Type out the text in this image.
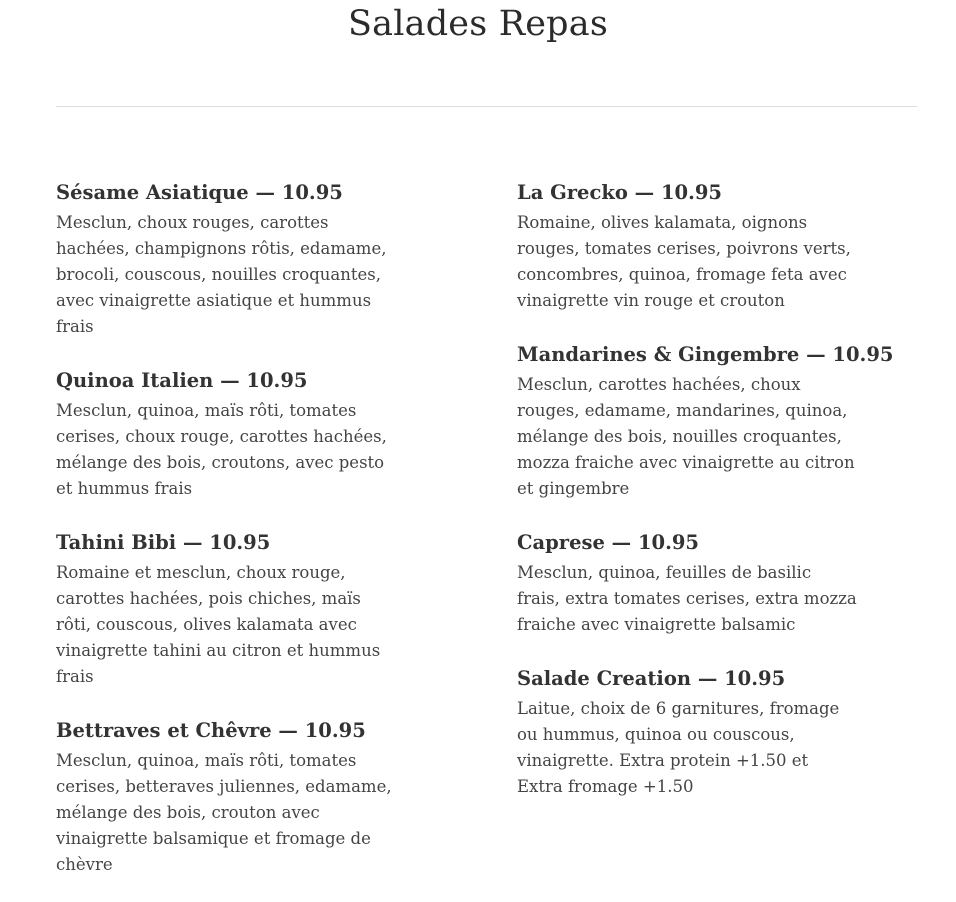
Salades Repas
Sésame Asiatique — 10.95
Mesclun, choux rouges, carottes hachées, champignons rôtis, edamame, brocoli, couscous, nouilles croquantes, avec vinaigrette asiatique et hummus frais
Quinoa Italien — 10.95
Mesclun, quinoa, maïs rôti, tomates cerises, choux rouge, carottes hachées, mélange des bois, croutons, avec pesto et hummus frais
Tahini Bibi — 10.95
Romaine et mesclun, choux rouge, carottes hachées, pois chiches, maïs rôti, couscous, olives kalamata avec vinaigrette tahini au citron et hummus frais
Bettraves et Chêvre — 10.95
Mesclun, quinoa, maïs rôti, tomates cerises, betteraves juliennes, edamame, mélange des bois, crouton avec vinaigrette balsamique et fromage de chèvre
La Grecko — 10.95
Romaine, olives kalamata, oignons rouges, tomates cerises, poivrons verts, concombres, quinoa, fromage feta avec vinaigrette vin rouge et crouton
Mandarines & Gingembre — 10.95
Mesclun, carottes hachées, choux rouges, edamame, mandarines, quinoa, mélange des bois, nouilles croquantes, mozza fraiche avec vinaigrette au citron et gingembre
Caprese — 10.95
Mesclun, quinoa, feuilles de basilic frais, extra tomates cerises, extra mozza fraiche avec vinaigrette balsamic
Salade Creation — 10.95
Laitue, choix de 6 garnitures, fromage ou hummus, quinoa ou couscous, vinaigrette. Extra protein +1.50 et Extra fromage +1.50
